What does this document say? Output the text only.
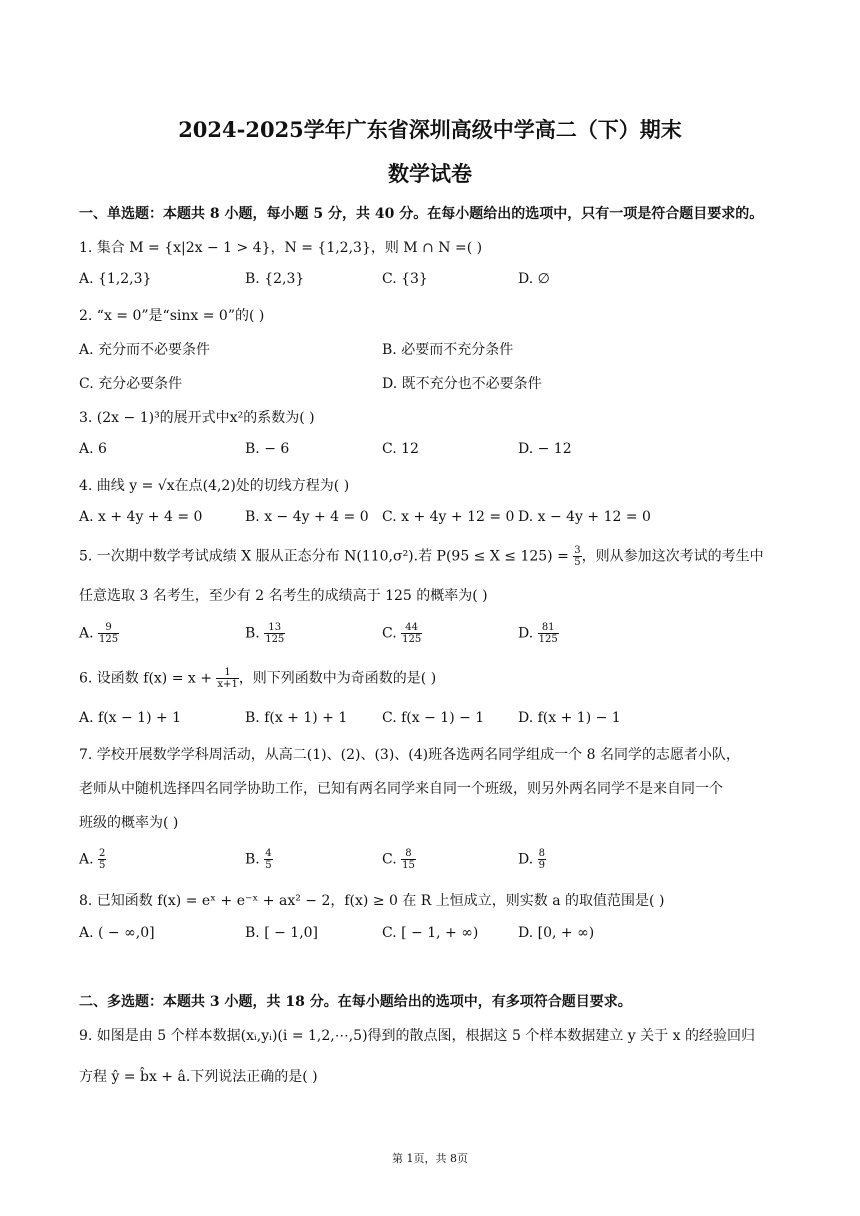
2024-2025学年广东省深圳高级中学高二（下）期末
数学试卷
一、单选题：本题共 8 小题，每小题 5 分，共 40 分。在每小题给出的选项中，只有一项是符合题目要求的。
1. 集合 M = {x|2x − 1 > 4}，N = {1,2,3}，则 M ∩ N =( )
A. {1,2,3}	B. {2,3}	C. {3}	D. ∅
2. “x = 0”是“sinx = 0”的( )
A. 充分而不必要条件	B. 必要而不充分条件
C. 充分必要条件	D. 既不充分也不必要条件
3. (2x − 1)³的展开式中x²的系数为( )
A. 6	B. − 6	C. 12	D. − 12
4. 曲线 y = √x在点(4,2)处的切线方程为( )
A. x + 4y + 4 = 0	B. x − 4y + 4 = 0 C. x + 4y + 12 = 0 D. x − 4y + 12 = 0
5. 一次期中数学考试成绩 X 服从正态分布 N(110,σ²).若 $P(95 \le X \le 125) = \frac{3}{5}$ ，则从参加这次考试的考生中
任意选取 3 名考生，至少有 2 名考生的成绩高于 125 的概率为( )
A. $\frac{9}{125}$	B. $\frac{13}{125}$	C. $\frac{44}{125}$	D. $\frac{81}{125}$
6. 设函数 $f(x) = x + \frac{1}{x+1}$ ，则下列函数中为奇函数的是( )
A. f(x − 1) + 1	B. f(x + 1) + 1 C. f(x − 1) − 1 D. f(x + 1) − 1
7. 学校开展数学学科周活动，从高二(1)、(2)、(3)、(4)班各选两名同学组成一个 8 名同学的志愿者小队，
老师从中随机选择四名同学协助工作，已知有两名同学来自同一个班级，则另外两名同学不是来自同一个
班级的概率为( )
A. $\frac{2}{5}$	B. $\frac{4}{5}$	C. $\frac{8}{15}$	D. $\frac{8}{9}$
8. 已知函数 f(x) = eˣ + e⁻ˣ + ax² − 2，f(x) ≥ 0 在 R 上恒成立，则实数 a 的取值范围是( )
A. ( − ∞,0]	B. [ − 1,0]	C. [ − 1, + ∞)	D. [0, + ∞)
二、多选题：本题共 3 小题，共 18 分。在每小题给出的选项中，有多项符合题目要求。
9. 如图是由 5 个样本数据(xᵢ,yᵢ)(i = 1,2,⋯,5)得到的散点图，根据这 5 个样本数据建立 y 关于 x 的经验回归
方程 ŷ = b̂x + â.下列说法正确的是( )
第 1页，共 8页
